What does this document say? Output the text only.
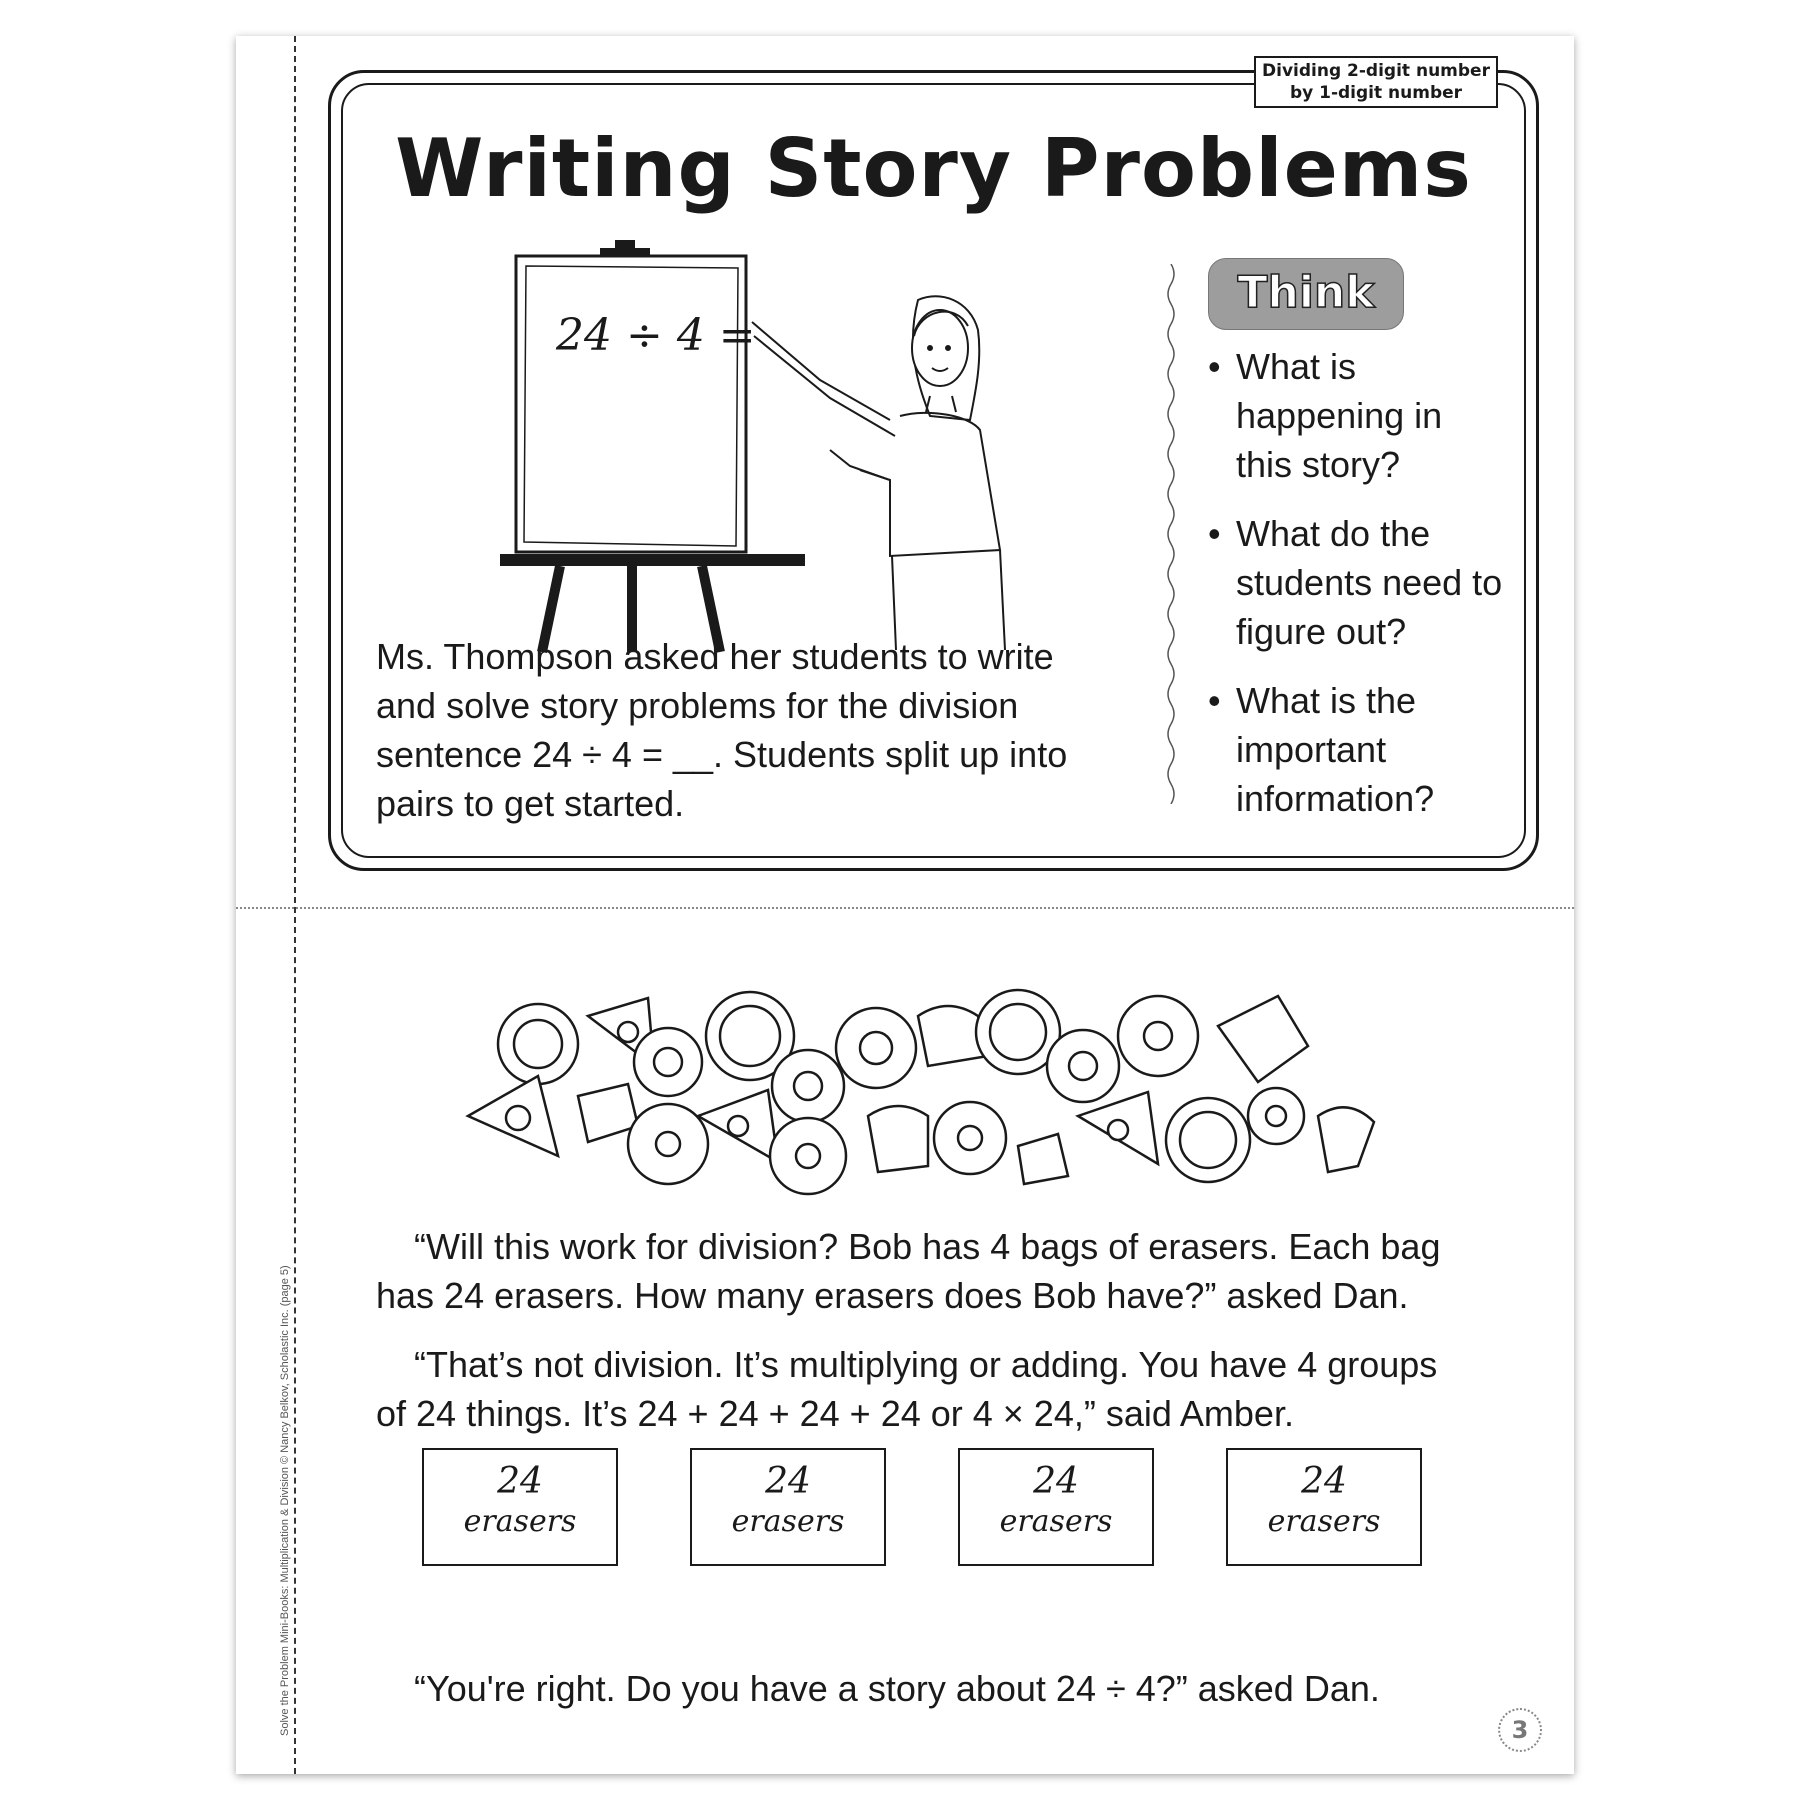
Solve the Problem Mini-Books: Multiplication & Division © Nancy Belkov, Scholastic Inc. (page 5)
Dividing 2-digit number
by 1-digit number
Writing Story Problems
24 ÷ 4 =
Ms. Thompson asked her students to write and solve story problems for the division sentence 24 ÷ 4 = __. Students split up into pairs to get started.
Think
• What is happening in this story?
• What do the students need to figure out?
• What is the important information?

“Will this work for division? Bob has 4 bags of erasers. Each bag has 24 erasers. How many erasers does Bob have?” asked Dan.

“That’s not division. It’s multiplying or adding. You have 4 groups of 24 things. It’s 24 + 24 + 24 + 24 or 4 × 24,” said Amber.

24
erasers
24
erasers
24
erasers
24
erasers

“You're right. Do you have a story about 24 ÷ 4?” asked Dan.

3
